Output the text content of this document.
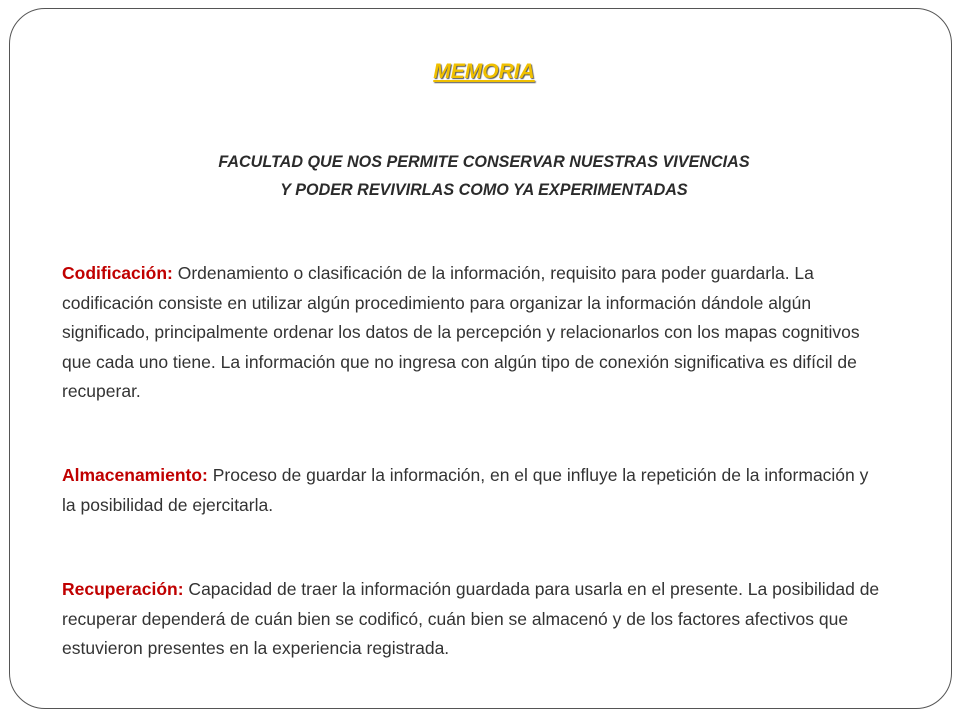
MEMORIA
FACULTAD QUE NOS PERMITE CONSERVAR NUESTRAS VIVENCIAS
Y PODER REVIVIRLAS COMO YA EXPERIMENTADAS
Codificación: Ordenamiento o clasificación de la información, requisito para poder guardarla. La codificación consiste en utilizar algún procedimiento para organizar la información dándole algún significado, principalmente ordenar los datos de la percepción y relacionarlos con los mapas cognitivos que cada uno tiene. La información que no ingresa con algún tipo de conexión significativa es difícil de recuperar.
Almacenamiento: Proceso de guardar la información, en el que influye la repetición de la información y la posibilidad de ejercitarla.
Recuperación: Capacidad de traer la información guardada para usarla en el presente. La posibilidad de recuperar dependerá de cuán bien se codificó, cuán bien se almacenó y de los factores afectivos que estuvieron presentes en la experiencia registrada.
